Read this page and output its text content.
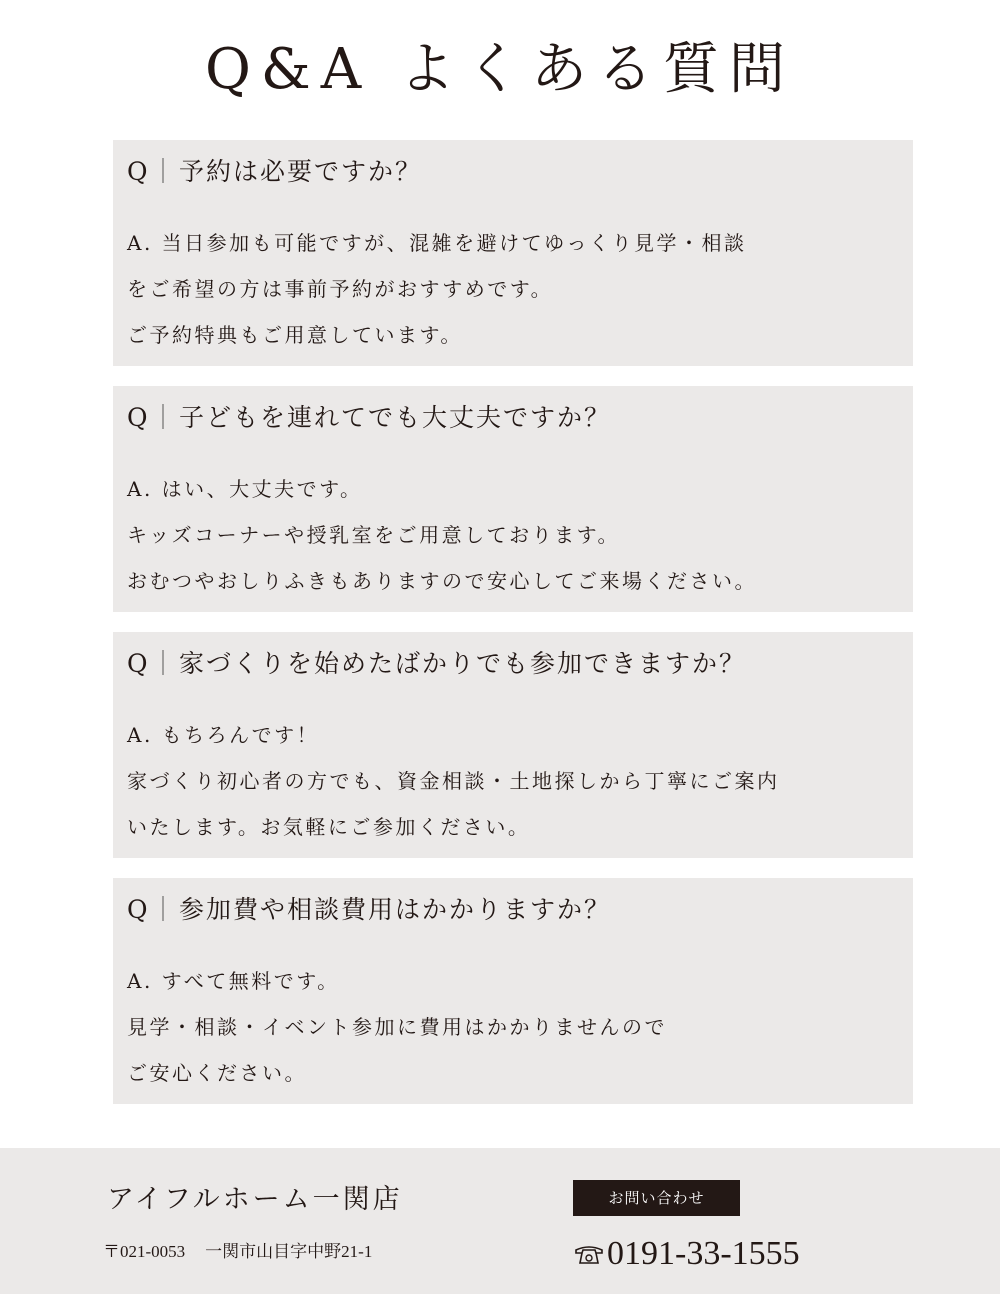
Q&A よくある質問
Q｜予約は必要ですか？
A. 当日参加も可能ですが、混雑を避けてゆっくり見学・相談
をご希望の方は事前予約がおすすめです。
ご予約特典もご用意しています。
Q｜子どもを連れてでも大丈夫ですか？
A. はい、大丈夫です。
キッズコーナーや授乳室をご用意しております。
おむつやおしりふきもありますので安心してご来場ください。
Q｜家づくりを始めたばかりでも参加できますか？
A. もちろんです！
家づくり初心者の方でも、資金相談・土地探しから丁寧にご案内
いたします。お気軽にご参加ください。
Q｜参加費や相談費用はかかりますか？
A. すべて無料です。
見学・相談・イベント参加に費用はかかりませんので
ご安心ください。
アイフルホーム一関店
〒021-0053 一関市山目字中野21-1
お問い合わせ
0191-33-1555
